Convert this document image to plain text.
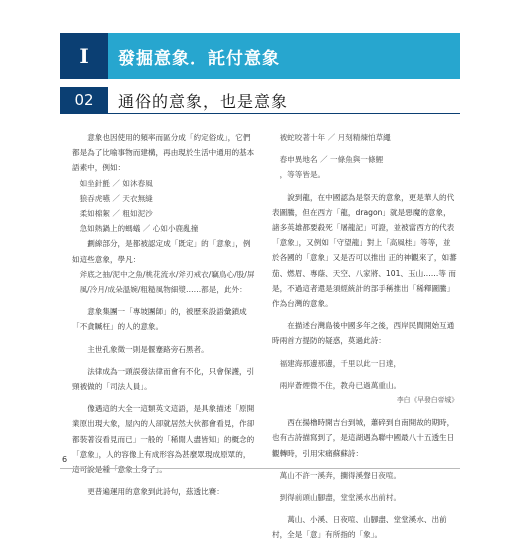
I	發掘意象．託付意象
02	通俗的意象，也是意象

意象也因使用的頻率而區分成「約定俗成」，它們都是為了比喻事物而建構，再由現於生活中通用的基本語素中，例如：

如坐針氈 ／ 如沐春風

狼吞虎嚥 ／ 天衣無縫

柔如棉絮 ／ 粗如泥沙

急如熱鍋上的螞蟻 ／ 心如小鹿亂撞

劃線部分，是都被認定成「既定」的「意象」，例如這些意象，學凡：

斧底之抽/泥中之魚/桃花流水/斧刃戒衣/竊鳥心/股/屏風/冷月/成朵溫婉/粗糙風物細漿……都是，此外：

意象集團一「專坡團師」的，被歷來設語彙鎖成「不貪贓枉」的人的意象。

主世孔象徵一則是偃蹇路旁石黑者。

法律成為一頭誤發法律而會有不化，只會保護，引頸被做的「司法人員」。

像遇這的大全一這類英文這語，是具象描述「原開業原出現大象，屋內的人卻就居然大伙都會看見，作卻都裝著沒看見而已」一般的「稀閒人盡皆知」的概念的「意象」，人的容像上有成形容為甚麼眾現成原眾的，這可說是種「意象上身了」。

更普遍運用的意象到此詩句，茲透比賽：

被蛇咬著十年 ／ 月刻精煉怕草繩

春申異地名 ／ 一條魚與一條鯉

，等等皆是。

說到龍，在中國認為是祭天的意象，更是華人的代表圖騰，但在西方「龍，dragon」就是惡魔的意象，諸多英雄都要殺死「屠龍記」可證，並被當西方的代表「意象」，又例如「守望龍」對上「高風桂」等等，並於各國的「意象」又是否可以推出 正的神觀來了，如蕃茄、燃眉、專蔭、天空、八家將、101、玉山……等 而是，不過這者還是須經統計的部手稱推出「稀釋圖騰」作為台灣的意象。

在描述台灣島後中國多年之後，西岸民間開始互通時兩首方提防的疑惑，莫過此詩：

福建海那邊那邊，千里以此一日達，

兩岸蒼煙微不住，教舟已過萬重山。

李白《早發白帝城》

西在揚櫓時開吉台到城，蕭碎到自南開故的期時，也有古詩描寫到了，是這湖遇為聯中國最八十五透生日觀轉時，引用宋痛蘇蘇詩：

萬山不許一溪奔，攔得溪聲日夜喧。

到得前頭山腳盡，堂堂溪水出前村。

萬山、小溪、日夜喧、山腳盡、堂堂溪水、出前村，全是「意」有所指的「象」。

6
